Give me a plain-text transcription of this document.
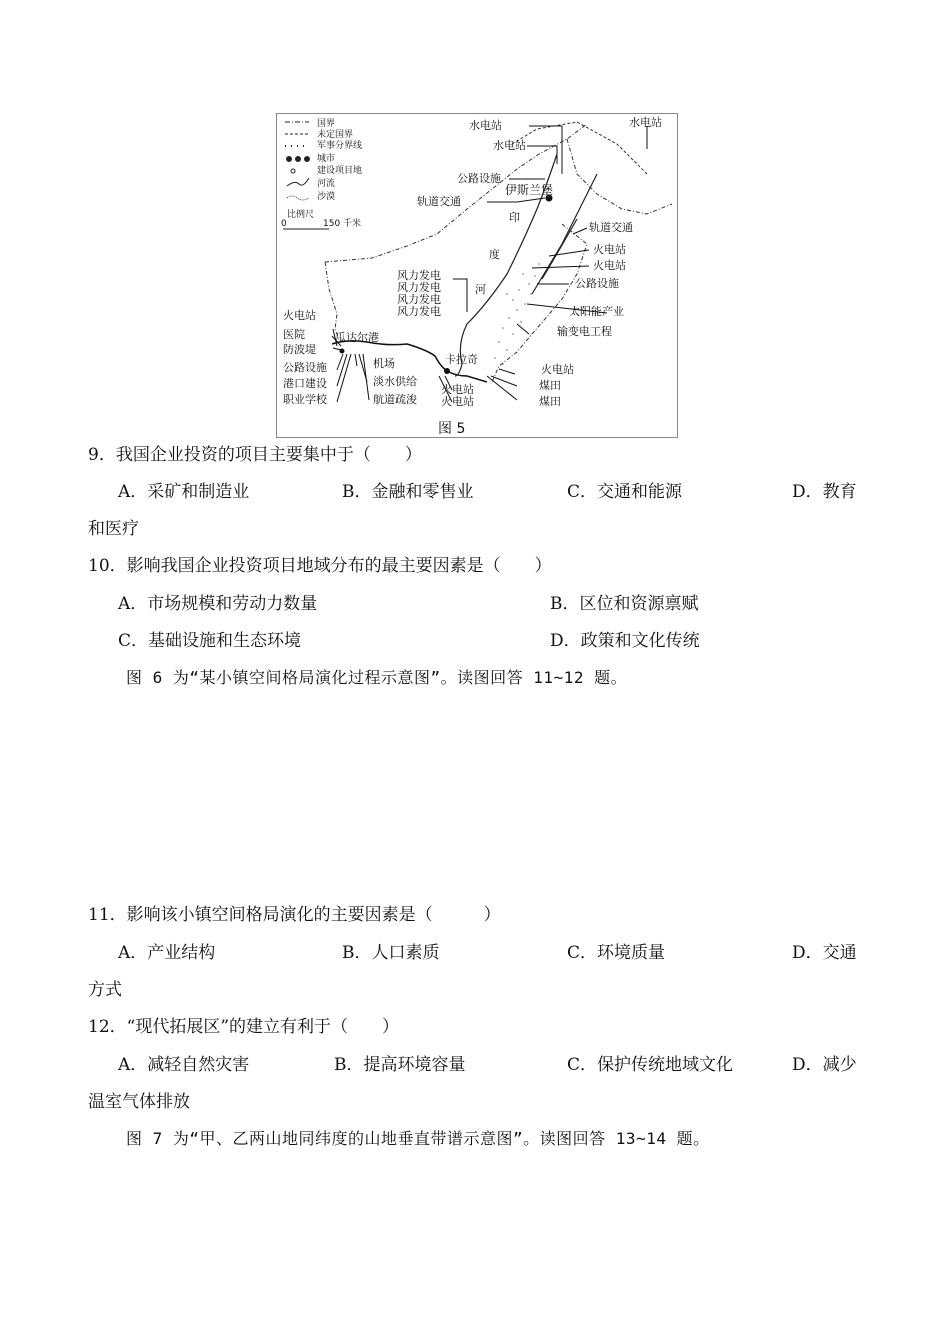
国界
未定国界
军事分界线
城市
建设项目地
河流
沙漠
比例尺
0	150 千米
水电站	水电站
水电站
公路设施
伊斯兰堡
轨道交通
印
轨道交通
度	火电站
火电站
风力发电
风力发电	河	公路设施
风力发电
风力发电	太阳能产业
火电站
输变电工程
医院	瓜达尔港
防波堤
卡拉奇
机场
公路设施	火电站
淡水供给
港口建设	火电站	煤田
职业学校	航道疏浚 火电站	煤田
图 5
9．我国企业投资的项目主要集中于（　　）
A．采矿和制造业	B．金融和零售业	C．交通和能源	D．教育
和医疗
10．影响我国企业投资项目地域分布的最主要因素是（　　）
A．市场规模和劳动力数量	B．区位和资源禀赋
C．基础设施和生态环境	D．政策和文化传统
图 6 为“某小镇空间格局演化过程示意图”。读图回答 11~12 题。
11．影响该小镇空间格局演化的主要因素是（　　　）
A．产业结构	B．人口素质	C．环境质量	D．交通
方式
12．“现代拓展区”的建立有利于（　　）
A．减轻自然灾害	B．提高环境容量	C．保护传统地域文化	D．减少
温室气体排放
图 7 为“甲、乙两山地同纬度的山地垂直带谱示意图”。读图回答 13~14 题。
